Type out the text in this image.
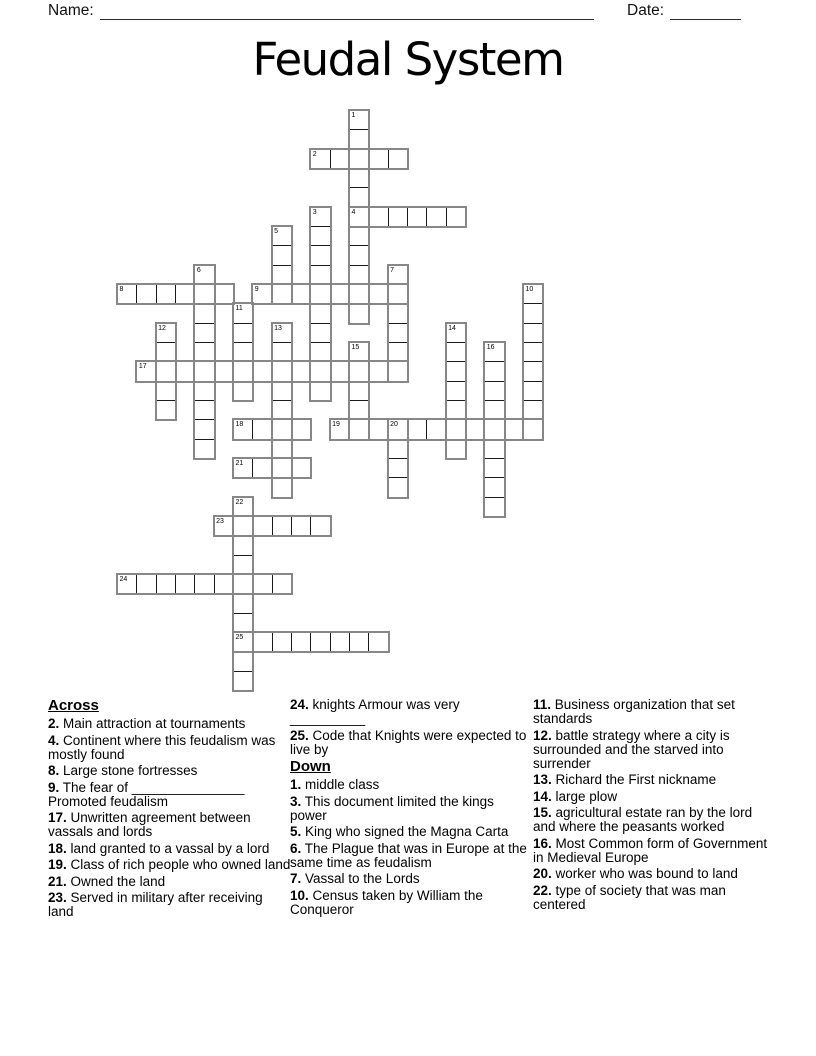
Name:	Date:
Feudal System
1
4
2
3
5
6	7
8	9	10
11
12	13	14
15	16
17
18	19	20
21
22
25
23
24

Across

2. Main attraction at tournaments

4. Continent where this feudalism was mostly found

8. Large stone fortresses

9. The fear of _______________ Promoted feudalism

17. Unwritten agreement between vassals and lords

18. land granted to a vassal by a lord

19. Class of rich people who owned land

21. Owned the land

23. Served in military after receiving land

24. knights Armour was very __________

25. Code that Knights were expected to live by

Down

1. middle class

3. This document limited the kings power

5. King who signed the Magna Carta

6. The Plague that was in Europe at the same time as feudalism

7. Vassal to the Lords

10. Census taken by William the Conqueror

11. Business organization that set standards

12. battle strategy where a city is surrounded and the starved into surrender

13. Richard the First nickname

14. large plow

15. agricultural estate ran by the lord and where the peasants worked

16. Most Common form of Government in Medieval Europe

20. worker who was bound to land

22. type of society that was man centered
